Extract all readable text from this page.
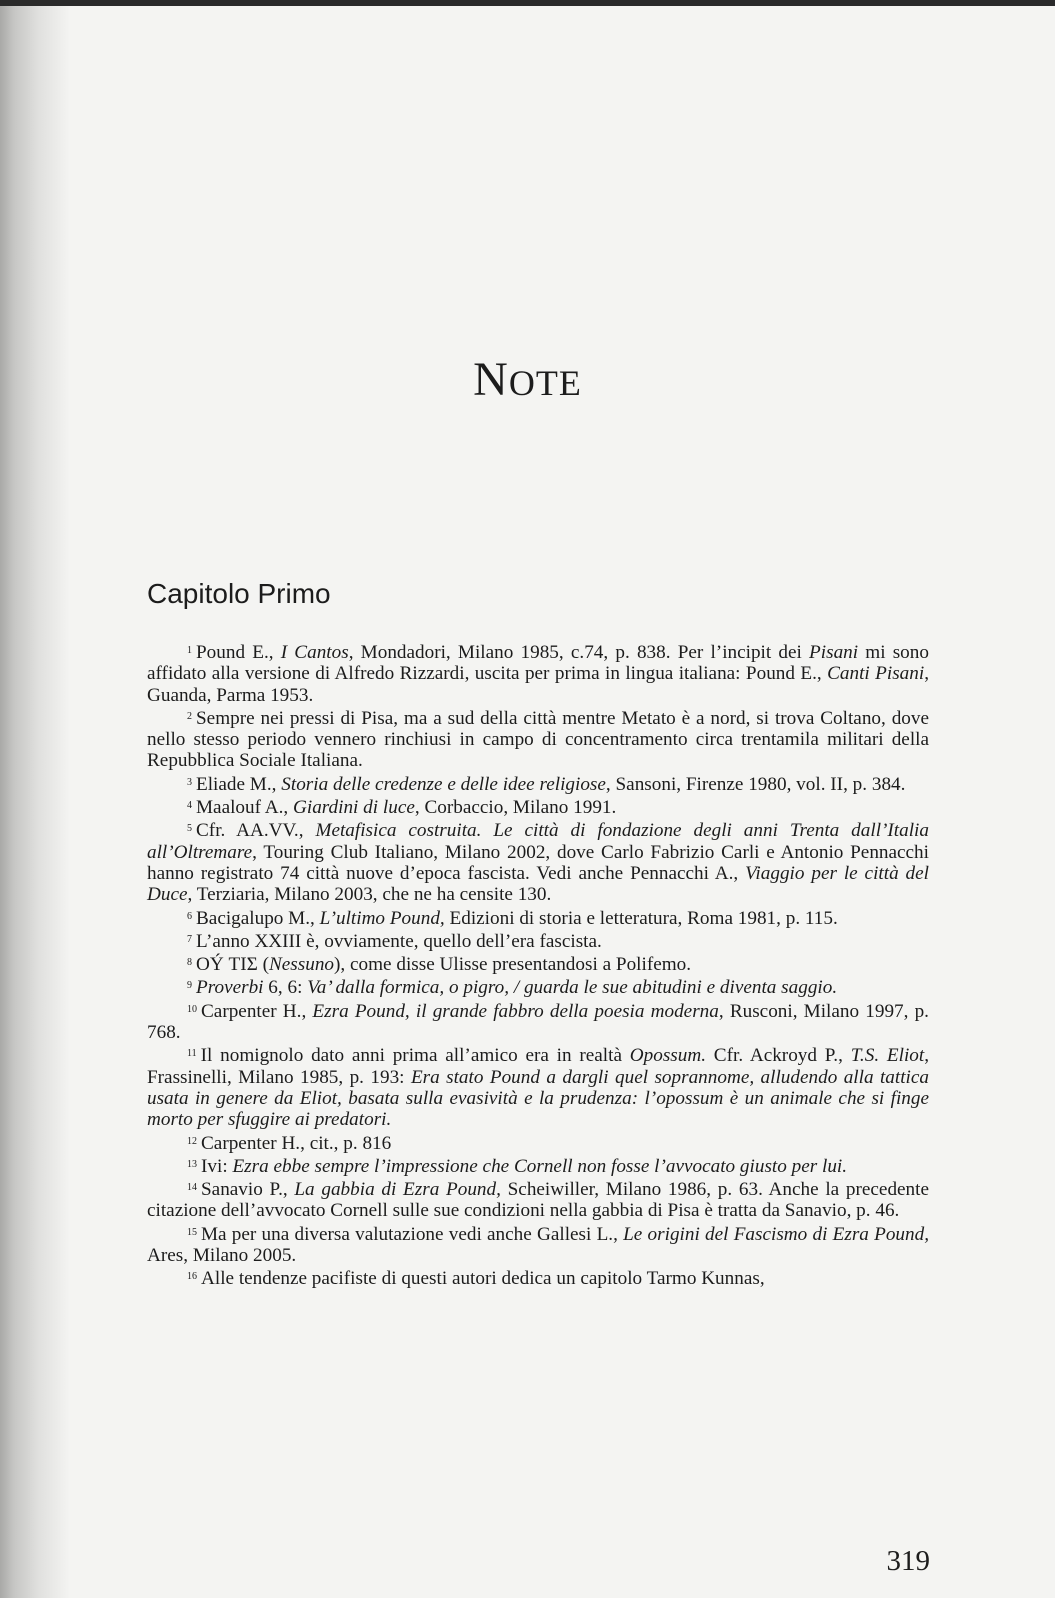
NOTE
Capitolo Primo

$^1$ Pound E., I Cantos, Mondadori, Milano 1985, c.74, p. 838. Per l’incipit dei Pisani mi sono affidato alla versione di Alfredo Rizzardi, uscita per prima in lingua italiana: Pound E., Canti Pisani, Guanda, Parma 1953.

$^2$ Sempre nei pressi di Pisa, ma a sud della città mentre Metato è a nord, si trova Coltano, dove nello stesso periodo vennero rinchiusi in campo di concentramento circa trentamila militari della Repubblica Sociale Italiana.

$^3$ Eliade M., Storia delle credenze e delle idee religiose, Sansoni, Firenze 1980, vol. II, p. 384.

$^4$ Maalouf A., Giardini di luce, Corbaccio, Milano 1991.

$^5$ Cfr. AA.VV., Metafisica costruita. Le città di fondazione degli anni Trenta dall’Italia all’Oltremare, Touring Club Italiano, Milano 2002, dove Carlo Fabrizio Carli e Antonio Pennacchi hanno registrato 74 città nuove d’epoca fascista. Vedi anche Pennacchi A., Viaggio per le città del Duce, Terziaria, Milano 2003, che ne ha censite 130.

$^6$ Bacigalupo M., L’ultimo Pound, Edizioni di storia e letteratura, Roma 1981, p. 115.

$^7$ L’anno XXIII è, ovviamente, quello dell’era fascista.

$^8$ OÝ ΤΙΣ (Nessuno), come disse Ulisse presentandosi a Polifemo.

$^9$ Proverbi 6, 6: Va’ dalla formica, o pigro, / guarda le sue abitudini e diventa saggio.

$^{10}$ Carpenter H., Ezra Pound, il grande fabbro della poesia moderna, Rusconi, Milano 1997, p. 768.

$^{11}$ Il nomignolo dato anni prima all’amico era in realtà Opossum. Cfr. Ackroyd P., T.S. Eliot, Frassinelli, Milano 1985, p. 193: Era stato Pound a dargli quel soprannome, alludendo alla tattica usata in genere da Eliot, basata sulla evasività e la prudenza: l’opossum è un animale che si finge morto per sfuggire ai predatori.

$^{12}$ Carpenter H., cit., p. 816

$^{13}$ Ivi: Ezra ebbe sempre l’impressione che Cornell non fosse l’avvocato giusto per lui.

$^{14}$ Sanavio P., La gabbia di Ezra Pound, Scheiwiller, Milano 1986, p. 63. Anche la precedente citazione dell’avvocato Cornell sulle sue condizioni nella gabbia di Pisa è tratta da Sanavio, p. 46.

$^{15}$ Ma per una diversa valutazione vedi anche Gallesi L., Le origini del Fascismo di Ezra Pound, Ares, Milano 2005.

$^{16}$ Alle tendenze pacifiste di questi autori dedica un capitolo Tarmo Kunnas,

319
